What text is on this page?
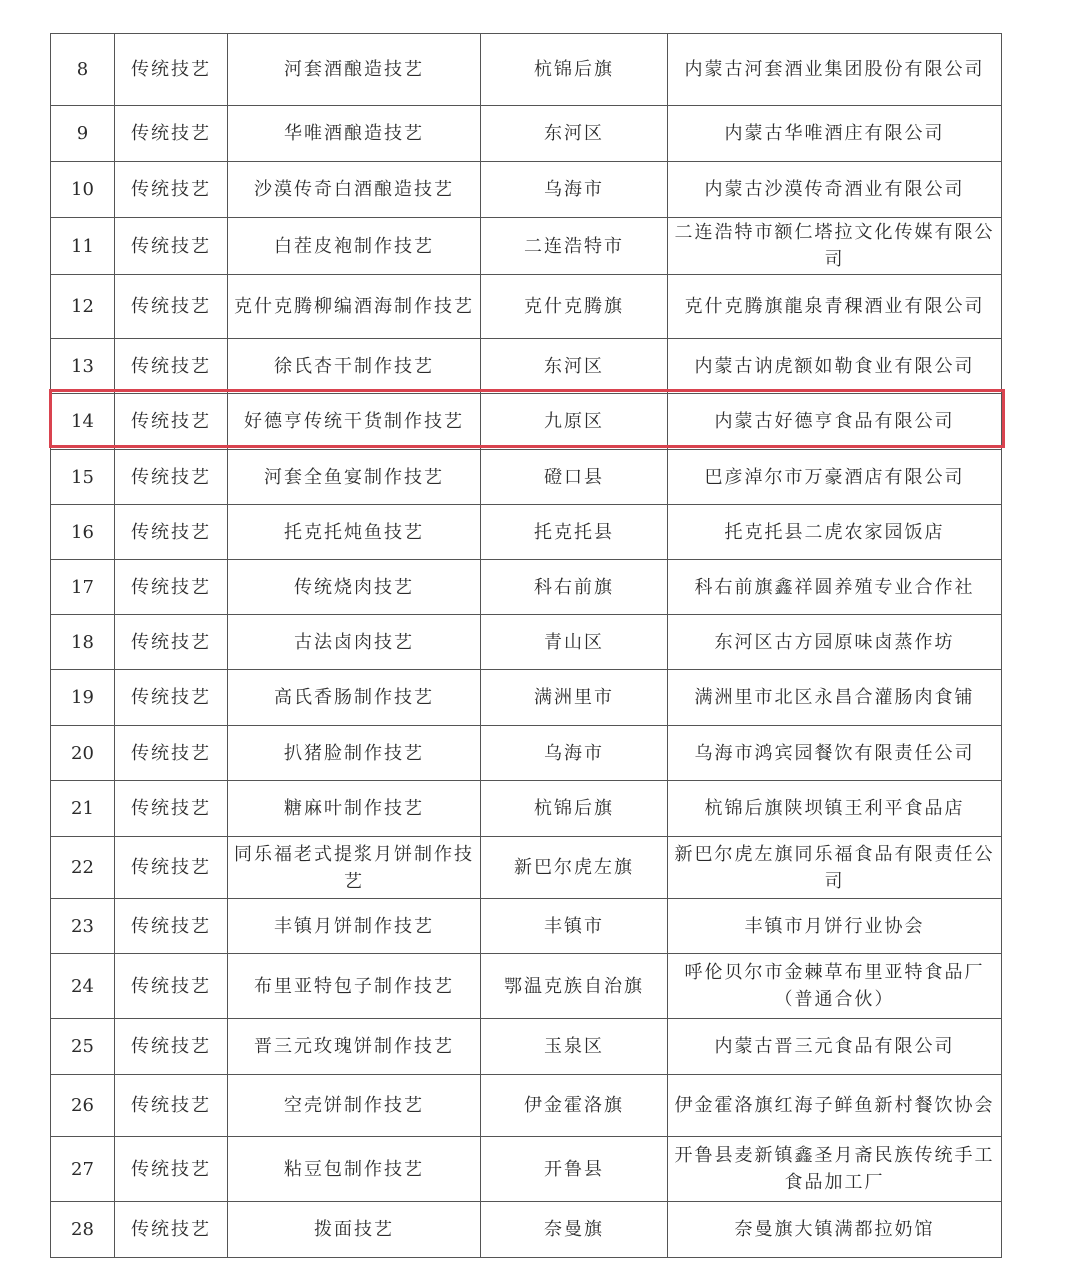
8	传统技艺	河套酒酿造技艺	杭锦后旗	内蒙古河套酒业集团股份有限公司
9	传统技艺	华唯酒酿造技艺	东河区	内蒙古华唯酒庄有限公司
10	传统技艺	沙漠传奇白酒酿造技艺	乌海市	内蒙古沙漠传奇酒业有限公司
11	传统技艺	白茬皮袍制作技艺	二连浩特市	二连浩特市额仁塔拉文化传媒有限公司
12	传统技艺	克什克腾柳编酒海制作技艺	克什克腾旗	克什克腾旗龍泉青稞酒业有限公司
13	传统技艺	徐氏杏干制作技艺	东河区	内蒙古讷虎额如勒食业有限公司
14	传统技艺	好德亨传统干货制作技艺	九原区	内蒙古好德亨食品有限公司
15	传统技艺	河套全鱼宴制作技艺	磴口县	巴彦淖尔市万豪酒店有限公司
16	传统技艺	托克托炖鱼技艺	托克托县	托克托县二虎农家园饭店
17	传统技艺	传统烧肉技艺	科右前旗	科右前旗鑫祥圆养殖专业合作社
18	传统技艺	古法卤肉技艺	青山区	东河区古方园原味卤蒸作坊
19	传统技艺	高氏香肠制作技艺	满洲里市	满洲里市北区永昌合灌肠肉食铺
20	传统技艺	扒猪脸制作技艺	乌海市	乌海市鸿宾园餐饮有限责任公司
21	传统技艺	糖麻叶制作技艺	杭锦后旗	杭锦后旗陕坝镇王利平食品店
22	传统技艺	同乐福老式提浆月饼制作技艺	新巴尔虎左旗	新巴尔虎左旗同乐福食品有限责任公司
23	传统技艺	丰镇月饼制作技艺	丰镇市	丰镇市月饼行业协会
24	传统技艺	布里亚特包子制作技艺	鄂温克族自治旗	呼伦贝尔市金棘草布里亚特食品厂（普通合伙）
25	传统技艺	晋三元玫瑰饼制作技艺	玉泉区	内蒙古晋三元食品有限公司
26	传统技艺	空壳饼制作技艺	伊金霍洛旗	伊金霍洛旗红海子鲜鱼新村餐饮协会
27	传统技艺	粘豆包制作技艺	开鲁县	开鲁县麦新镇鑫圣月斋民族传统手工食品加工厂
28	传统技艺	拨面技艺	奈曼旗	奈曼旗大镇满都拉奶馆
